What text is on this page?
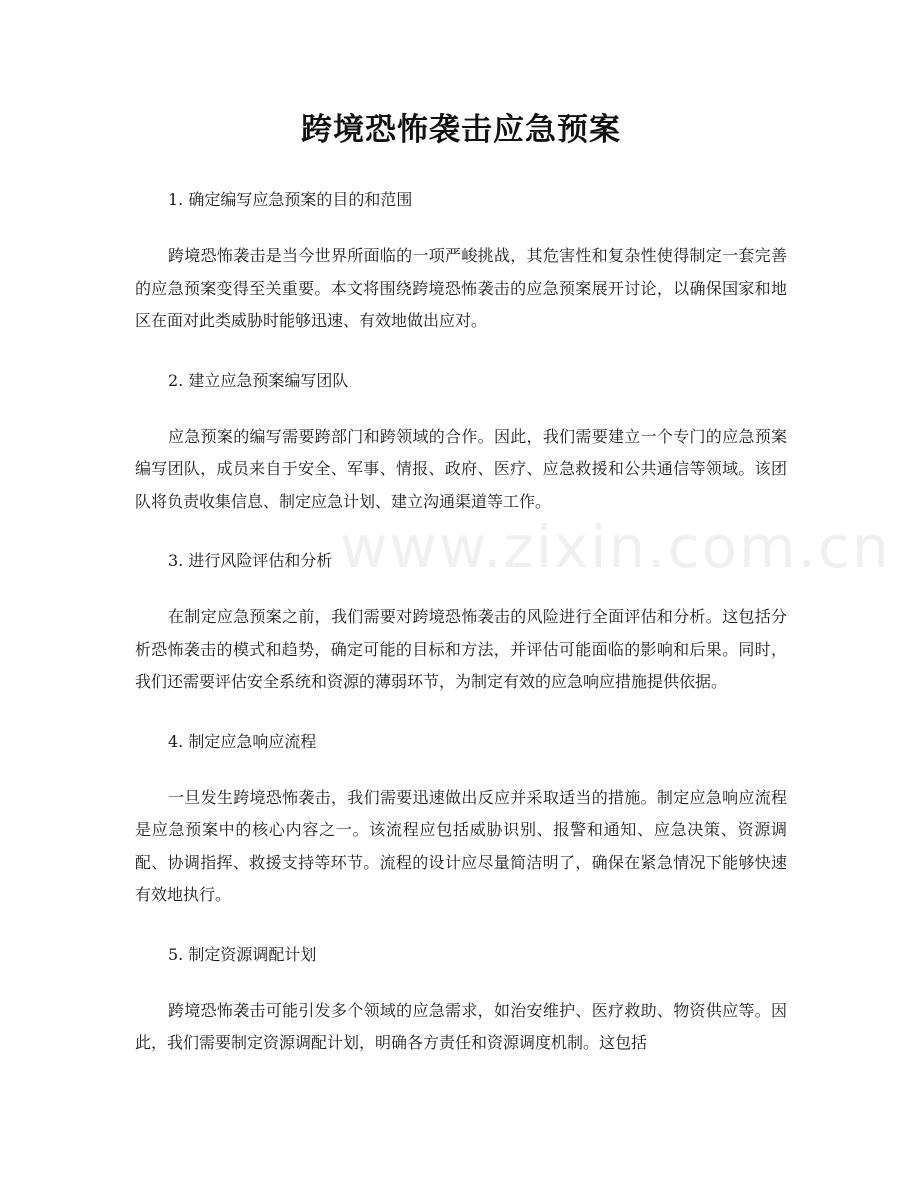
跨境恐怖袭击应急预案

1. 确定编写应急预案的目的和范围

跨境恐怖袭击是当今世界所面临的一项严峻挑战，其危害性和复杂性使得制定一套完善的应急预案变得至关重要。本文将围绕跨境恐怖袭击的应急预案展开讨论，以确保国家和地区在面对此类威胁时能够迅速、有效地做出应对。

2. 建立应急预案编写团队

应急预案的编写需要跨部门和跨领域的合作。因此，我们需要建立一个专门的应急预案编写团队，成员来自于安全、军事、情报、政府、医疗、应急救援和公共通信等领域。该团队将负责收集信息、制定应急计划、建立沟通渠道等工作。

3. 进行风险评估和分析

在制定应急预案之前，我们需要对跨境恐怖袭击的风险进行全面评估和分析。这包括分析恐怖袭击的模式和趋势，确定可能的目标和方法，并评估可能面临的影响和后果。同时，我们还需要评估安全系统和资源的薄弱环节，为制定有效的应急响应措施提供依据。

4. 制定应急响应流程

一旦发生跨境恐怖袭击，我们需要迅速做出反应并采取适当的措施。制定应急响应流程是应急预案中的核心内容之一。该流程应包括威胁识别、报警和通知、应急决策、资源调配、协调指挥、救援支持等环节。流程的设计应尽量简洁明了，确保在紧急情况下能够快速有效地执行。

5. 制定资源调配计划

跨境恐怖袭击可能引发多个领域的应急需求，如治安维护、医疗救助、物资供应等。因此，我们需要制定资源调配计划，明确各方责任和资源调度机制。这包括

www.zixin.com.cn
